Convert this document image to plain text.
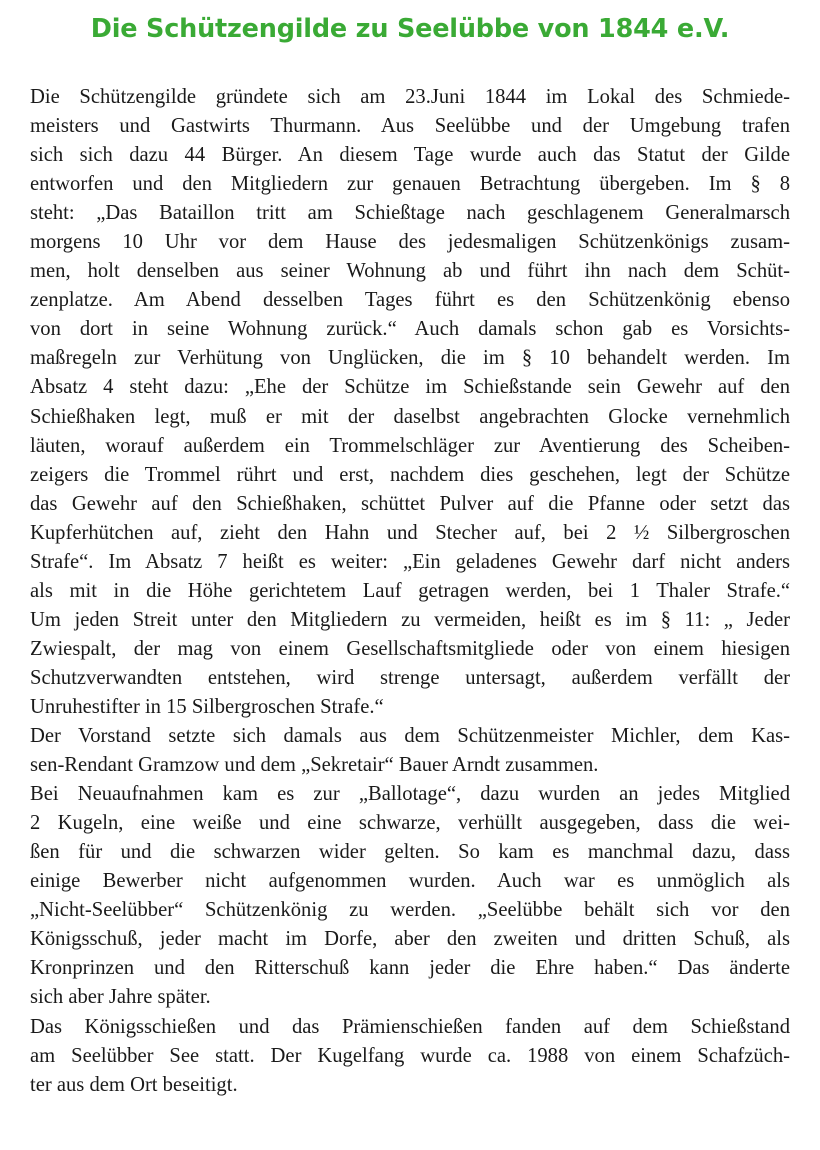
Die Schützengilde zu Seelübbe von 1844 e.V.
Die Schützengilde gründete sich am 23.Juni 1844 im Lokal des Schmiede-
meisters und Gastwirts Thurmann. Aus Seelübbe und der Umgebung trafen
sich sich dazu 44 Bürger. An diesem Tage wurde auch das Statut der Gilde
entworfen und den Mitgliedern zur genauen Betrachtung übergeben. Im § 8
steht: „Das Bataillon tritt am Schießtage nach geschlagenem Generalmarsch
morgens 10 Uhr vor dem Hause des jedesmaligen Schützenkönigs zusam-
men, holt denselben aus seiner Wohnung ab und führt ihn nach dem Schüt-
zenplatze. Am Abend desselben Tages führt es den Schützenkönig ebenso
von dort in seine Wohnung zurück.“ Auch damals schon gab es Vorsichts-
maßregeln zur Verhütung von Unglücken, die im § 10 behandelt werden. Im
Absatz 4 steht dazu: „Ehe der Schütze im Schießstande sein Gewehr auf den
Schießhaken legt, muß er mit der daselbst angebrachten Glocke vernehmlich
läuten, worauf außerdem ein Trommelschläger zur Aventierung des Scheiben-
zeigers die Trommel rührt und erst, nachdem dies geschehen, legt der Schütze
das Gewehr auf den Schießhaken, schüttet Pulver auf die Pfanne oder setzt das
Kupferhütchen auf, zieht den Hahn und Stecher auf, bei 2 ½ Silbergroschen
Strafe“. Im Absatz 7 heißt es weiter: „Ein geladenes Gewehr darf nicht anders
als mit in die Höhe gerichtetem Lauf getragen werden, bei 1 Thaler Strafe.“
Um jeden Streit unter den Mitgliedern zu vermeiden, heißt es im § 11: „ Jeder
Zwiespalt, der mag von einem Gesellschaftsmitgliede oder von einem hiesigen
Schutzverwandten entstehen, wird strenge untersagt, außerdem verfällt der
Unruhestifter in 15 Silbergroschen Strafe.“
Der Vorstand setzte sich damals aus dem Schützenmeister Michler, dem Kas-
sen-Rendant Gramzow und dem „Sekretair“ Bauer Arndt zusammen.
Bei Neuaufnahmen kam es zur „Ballotage“, dazu wurden an jedes Mitglied
2 Kugeln, eine weiße und eine schwarze, verhüllt ausgegeben, dass die wei-
ßen für und die schwarzen wider gelten. So kam es manchmal dazu, dass
einige Bewerber nicht aufgenommen wurden. Auch war es unmöglich als
„Nicht-Seelübber“ Schützenkönig zu werden. „Seelübbe behält sich vor den
Königsschuß, jeder macht im Dorfe, aber den zweiten und dritten Schuß, als
Kronprinzen und den Ritterschuß kann jeder die Ehre haben.“ Das änderte
sich aber Jahre später.
Das Königsschießen und das Prämienschießen fanden auf dem Schießstand
am Seelübber See statt. Der Kugelfang wurde ca. 1988 von einem Schafzüch-
ter aus dem Ort beseitigt.
